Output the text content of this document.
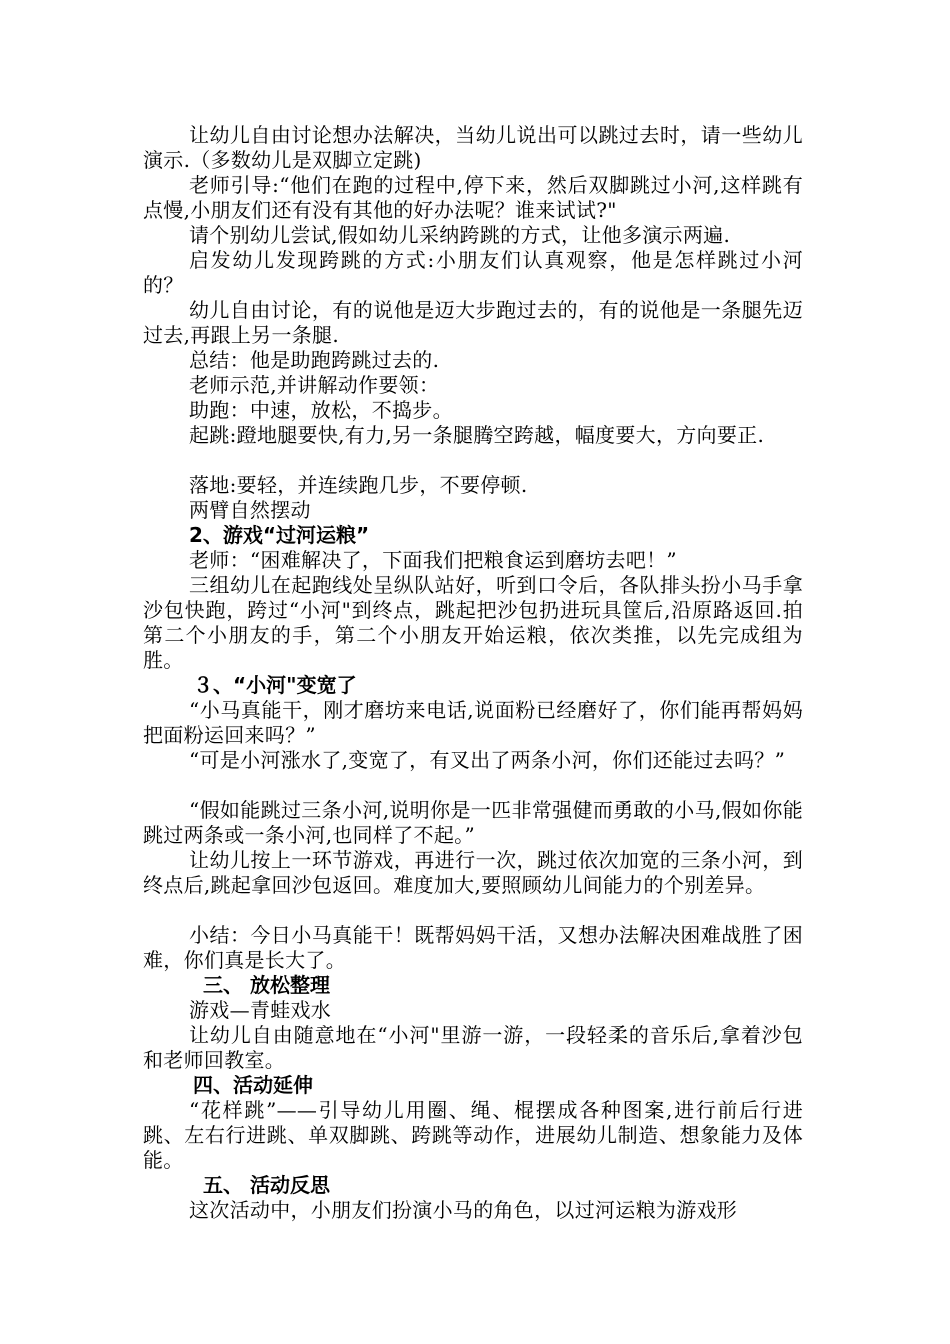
让幼儿自由讨论想办法解决，当幼儿说出可以跳过去时，请一些幼儿演示.（多数幼儿是双脚立定跳)
老师引导:“他们在跑的过程中,停下来，然后双脚跳过小河,这样跳有点慢,小朋友们还有没有其他的好办法呢？谁来试试?"
请个别幼儿尝试,假如幼儿采纳跨跳的方式，让他多演示两遍.
启发幼儿发现跨跳的方式:小朋友们认真观察，他是怎样跳过小河的？
幼儿自由讨论，有的说他是迈大步跑过去的，有的说他是一条腿先迈过去,再跟上另一条腿.
总结：他是助跑跨跳过去的.
老师示范,并讲解动作要领：
助跑：中速，放松，不捣步。
起跳:蹬地腿要快,有力,另一条腿腾空跨越，幅度要大，方向要正.
落地:要轻，并连续跑几步，不要停顿.
两臂自然摆动
2、游戏“过河运粮”
老师：“困难解决了，下面我们把粮食运到磨坊去吧！”
三组幼儿在起跑线处呈纵队站好，听到口令后，各队排头扮小马手拿沙包快跑，跨过“小河"到终点，跳起把沙包扔进玩具筐后,沿原路返回.拍第二个小朋友的手，第二个小朋友开始运粮，依次类推，以先完成组为胜。
３、“小河"变宽了
“小马真能干，刚才磨坊来电话,说面粉已经磨好了，你们能再帮妈妈把面粉运回来吗？”
“可是小河涨水了,变宽了，有叉出了两条小河，你们还能过去吗？”
“假如能跳过三条小河,说明你是一匹非常强健而勇敢的小马,假如你能跳过两条或一条小河,也同样了不起。”
让幼儿按上一环节游戏，再进行一次，跳过依次加宽的三条小河，到终点后,跳起拿回沙包返回。难度加大,要照顾幼儿间能力的个别差异。
小结：今日小马真能干！既帮妈妈干活，又想办法解决困难战胜了困难，你们真是长大了。
三、 放松整理
游戏—青蛙戏水
让幼儿自由随意地在“小河"里游一游，一段轻柔的音乐后,拿着沙包和老师回教室。
四、活动延伸
“花样跳”——引导幼儿用圈、绳、棍摆成各种图案,进行前后行进跳、左右行进跳、单双脚跳、跨跳等动作，进展幼儿制造、想象能力及体能。
五、 活动反思
这次活动中，小朋友们扮演小马的角色，以过河运粮为游戏形
